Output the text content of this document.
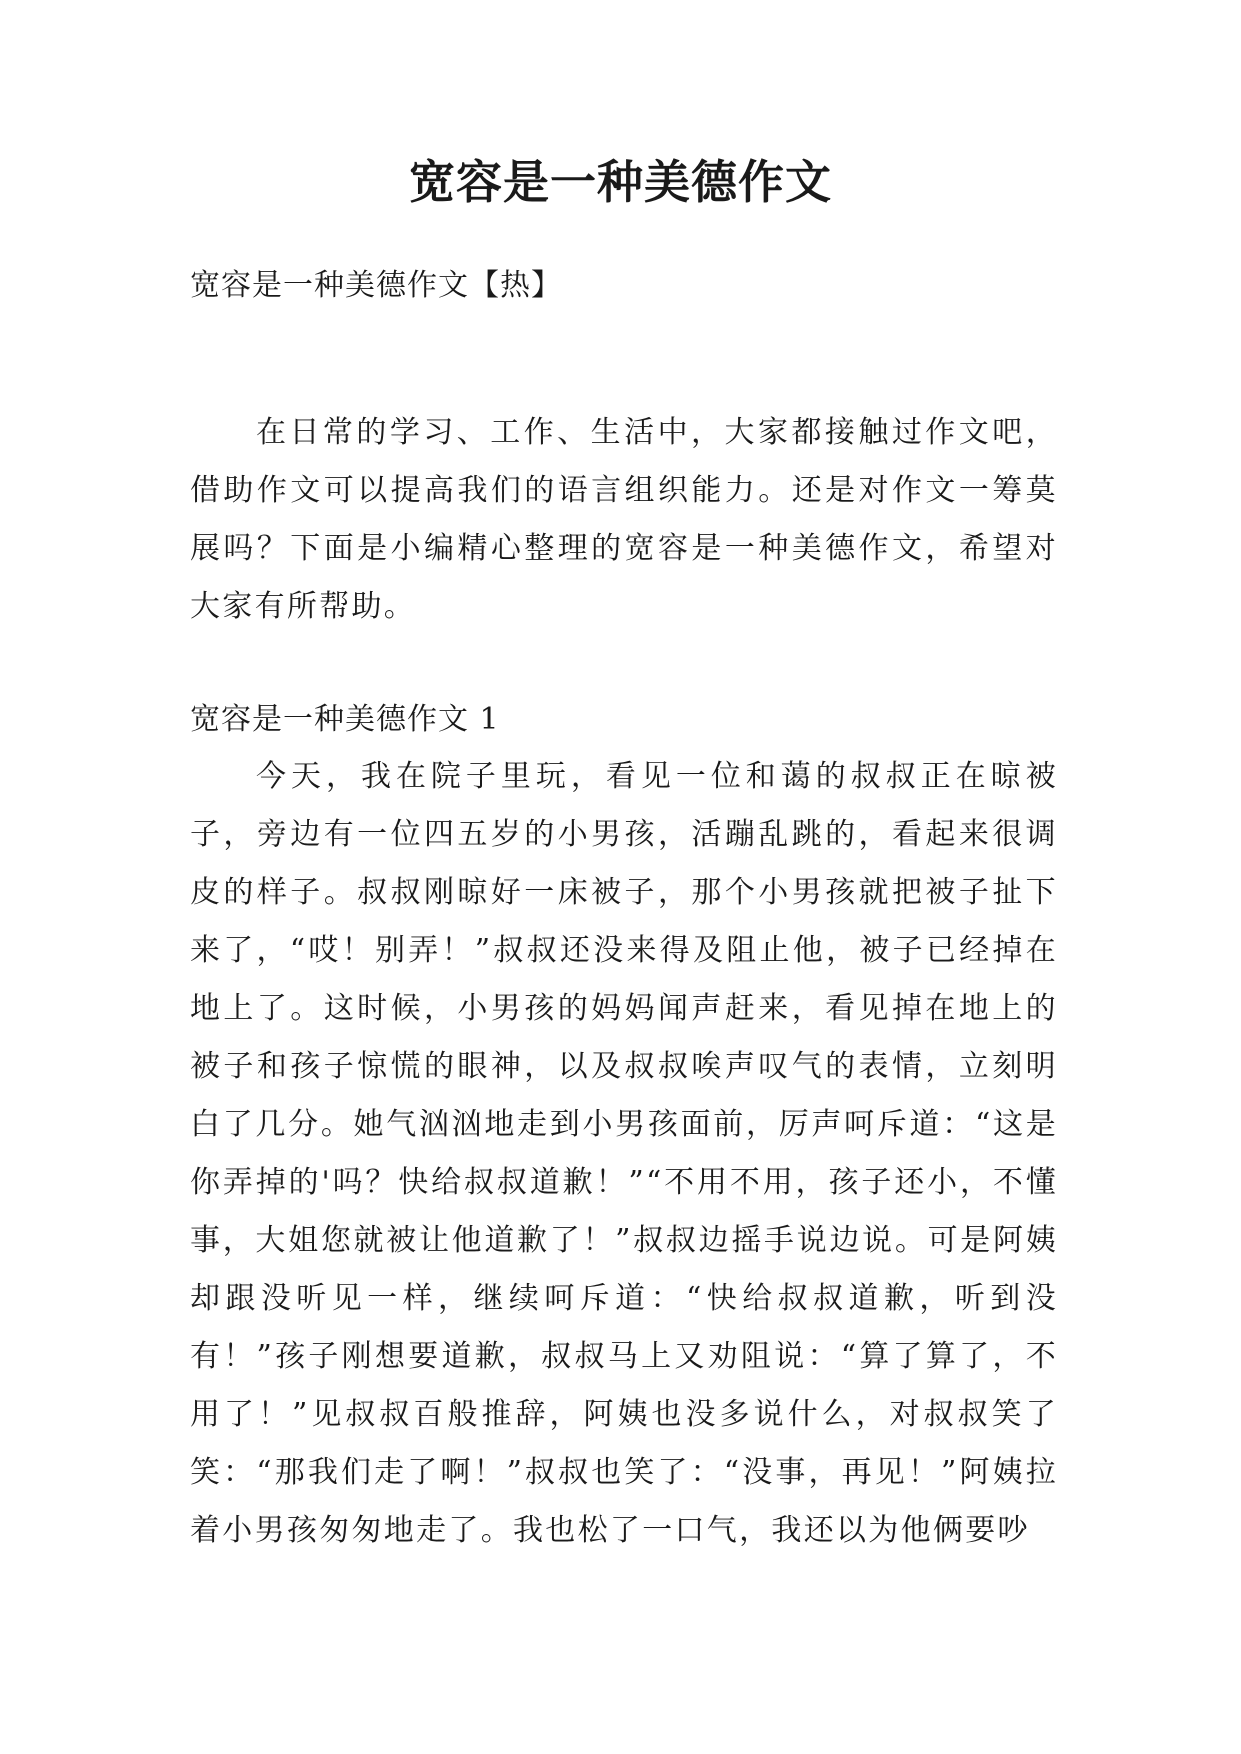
宽容是一种美德作文

宽容是一种美德作文【热】

在日常的学习、工作、生活中，大家都接触过作文吧，借助作文可以提高我们的语言组织能力。还是对作文一筹莫展吗？下面是小编精心整理的宽容是一种美德作文，希望对大家有所帮助。

宽容是一种美德作文 1

今天，我在院子里玩，看见一位和蔼的叔叔正在晾被子，旁边有一位四五岁的小男孩，活蹦乱跳的，看起来很调皮的样子。叔叔刚晾好一床被子，那个小男孩就把被子扯下来了，“哎！别弄！”叔叔还没来得及阻止他，被子已经掉在地上了。这时候，小男孩的妈妈闻声赶来，看见掉在地上的被子和孩子惊慌的眼神，以及叔叔唉声叹气的表情，立刻明白了几分。她气汹汹地走到小男孩面前，厉声呵斥道：“这是你弄掉的'吗？快给叔叔道歉！”“不用不用，孩子还小，不懂事，大姐您就被让他道歉了！”叔叔边摇手说边说。可是阿姨却跟没听见一样，继续呵斥道：“快给叔叔道歉，听到没有！”孩子刚想要道歉，叔叔马上又劝阻说：“算了算了，不用了！”见叔叔百般推辞，阿姨也没多说什么，对叔叔笑了笑：“那我们走了啊！”叔叔也笑了：“没事，再见！”阿姨拉着小男孩匆匆地走了。我也松了一口气，我还以为他俩要吵
